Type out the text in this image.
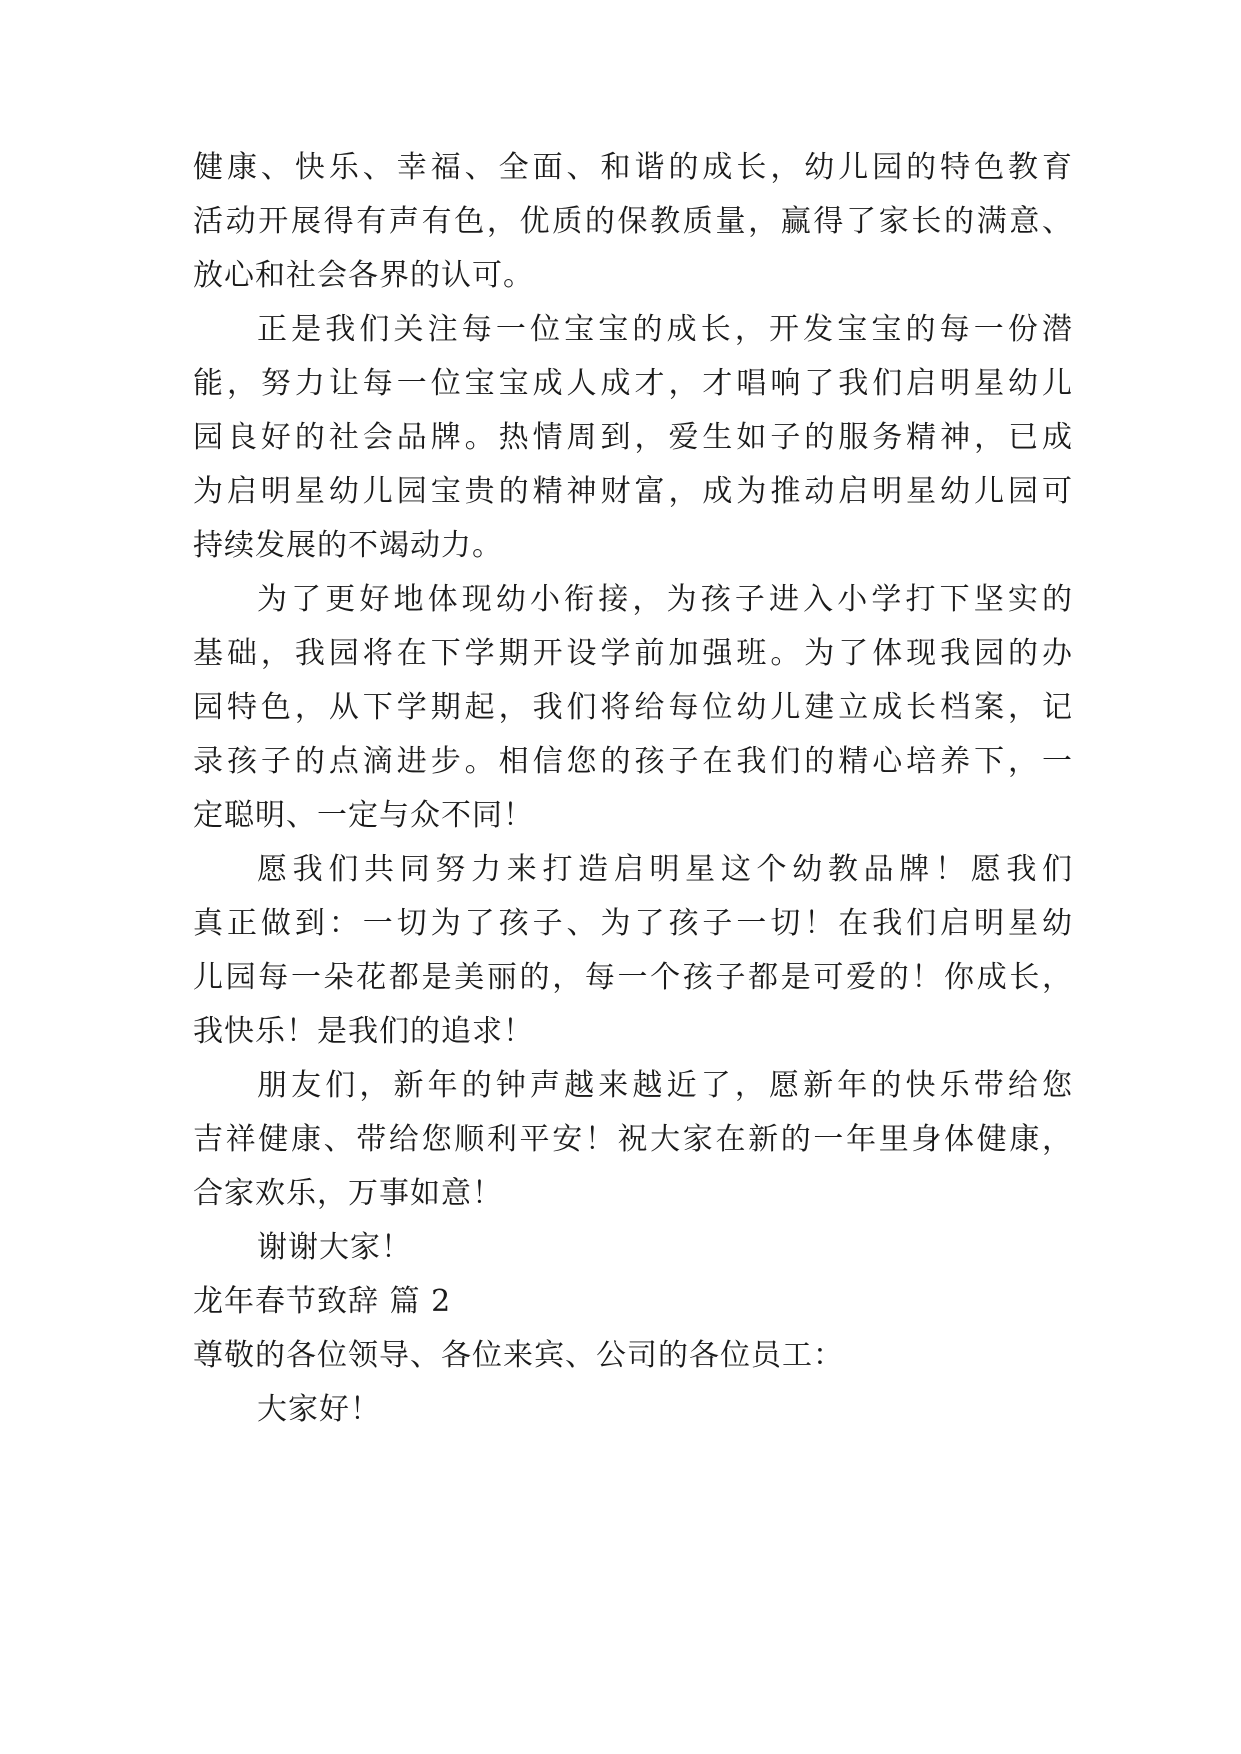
健康、快乐、幸福、全面、和谐的成长，幼儿园的特色教育
活动开展得有声有色，优质的保教质量，赢得了家长的满意、
放心和社会各界的认可。
正是我们关注每一位宝宝的成长，开发宝宝的每一份潜
能，努力让每一位宝宝成人成才，才唱响了我们启明星幼儿
园良好的社会品牌。热情周到，爱生如子的服务精神，已成
为启明星幼儿园宝贵的精神财富，成为推动启明星幼儿园可
持续发展的不竭动力。
为了更好地体现幼小衔接，为孩子进入小学打下坚实的
基础，我园将在下学期开设学前加强班。为了体现我园的办
园特色，从下学期起，我们将给每位幼儿建立成长档案，记
录孩子的点滴进步。相信您的孩子在我们的精心培养下，一
定聪明、一定与众不同！
愿我们共同努力来打造启明星这个幼教品牌！愿我们
真正做到：一切为了孩子、为了孩子一切！在我们启明星幼
儿园每一朵花都是美丽的，每一个孩子都是可爱的！你成长，
我快乐！是我们的追求！
朋友们，新年的钟声越来越近了，愿新年的快乐带给您
吉祥健康、带给您顺利平安！祝大家在新的一年里身体健康，
合家欢乐，万事如意！
谢谢大家！
龙年春节致辞 篇 2
尊敬的各位领导、各位来宾、公司的各位员工：
大家好！
